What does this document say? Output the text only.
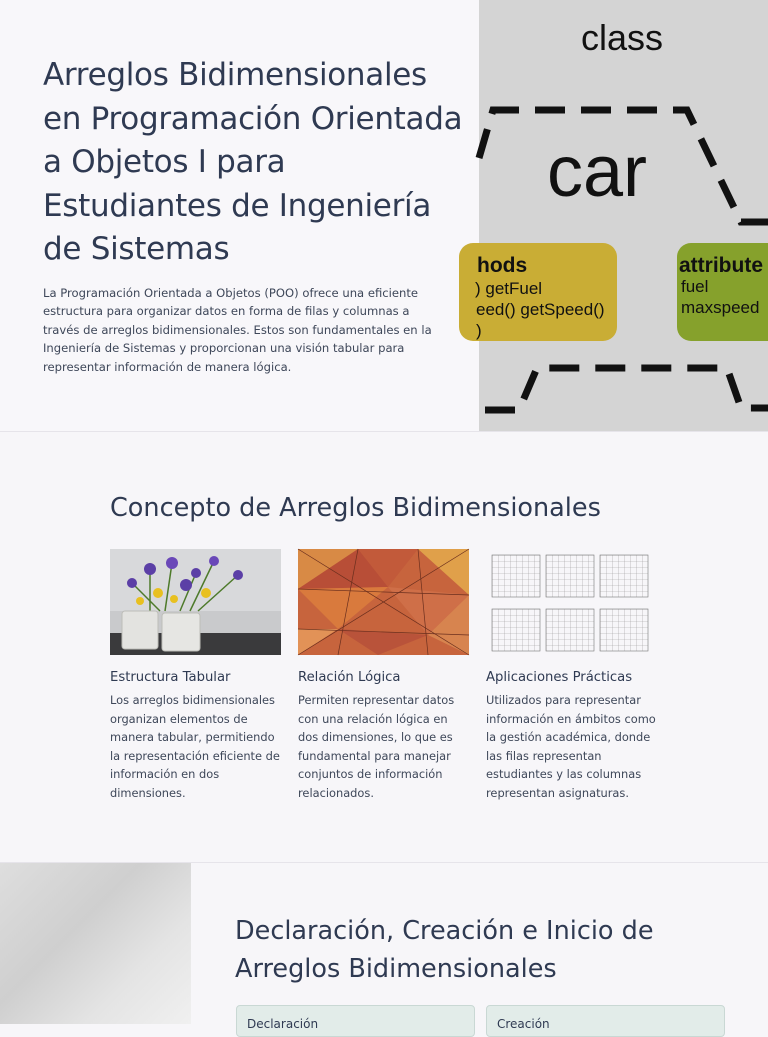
Arreglos Bidimensionales en Programación Orientada a Objetos I para Estudiantes de Ingeniería de Sistemas

La Programación Orientada a Objetos (POO) ofrece una eficiente estructura para organizar datos en forma de filas y columnas a través de arreglos bidimensionales. Estos son fundamentales en la Ingeniería de Sistemas y proporcionan una visión tabular para representar información de manera lógica.

class
car
hods
) getFuel
eed() getSpeed()
)
attribute
fuel
maxspeed
Concepto de Arreglos Bidimensionales

Estructura Tabular

Los arreglos bidimensionales organizan elementos de manera tabular, permitiendo la representación eficiente de información en dos dimensiones.

Relación Lógica

Permiten representar datos con una relación lógica en dos dimensiones, lo que es fundamental para manejar conjuntos de información relacionados.

Aplicaciones Prácticas

Utilizados para representar información en ámbitos como la gestión académica, donde las filas representan estudiantes y las columnas representan asignaturas.

Declaración, Creación e Inicio de Arreglos Bidimensionales
Declaración	Creación
